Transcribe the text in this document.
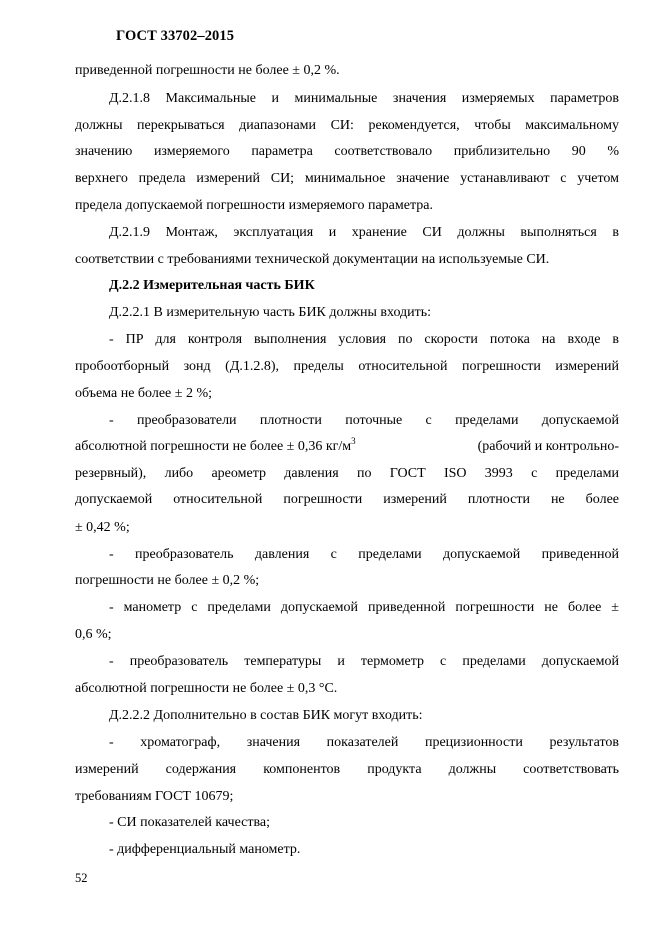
ГОСТ 33702–2015
приведенной погрешности не более ± 0,2 %.
Д.2.1.8 Максимальные и минимальные значения измеряемых параметров
должны перекрываться диапазонами СИ: рекомендуется, чтобы максимальному
значению измеряемого параметра соответствовало приблизительно 90 %
верхнего предела измерений СИ; минимальное значение устанавливают с учетом
предела допускаемой погрешности измеряемого параметра.
Д.2.1.9 Монтаж, эксплуатация и хранение СИ должны выполняться в
соответствии с требованиями технической документации на используемые СИ.
Д.2.2 Измерительная часть БИК
Д.2.2.1 В измерительную часть БИК должны входить:
- ПР для контроля выполнения условия по скорости потока на входе в
пробоотборный зонд (Д.1.2.8), пределы относительной погрешности измерений
объема не более ± 2 %;
- преобразователи плотности поточные с пределами допускаемой
абсолютной погрешности не более ± 0,36 $кг/м^3$	(рабочий и контрольно-
резервный), либо ареометр давления по ГОСТ ISO 3993 с пределами
допускаемой относительной погрешности измерений плотности не более
± 0,42 %;
- преобразователь давления с пределами допускаемой приведенной
погрешности не более ± 0,2 %;
- манометр с пределами допускаемой приведенной погрешности не более ±
0,6 %;
- преобразователь температуры и термометр с пределами допускаемой
абсолютной погрешности не более ± 0,3 °С.
Д.2.2.2 Дополнительно в состав БИК могут входить:
- хроматограф, значения показателей прецизионности результатов
измерений содержания компонентов продукта должны соответствовать
требованиям ГОСТ 10679;
- СИ показателей качества;
- дифференциальный манометр.
52
